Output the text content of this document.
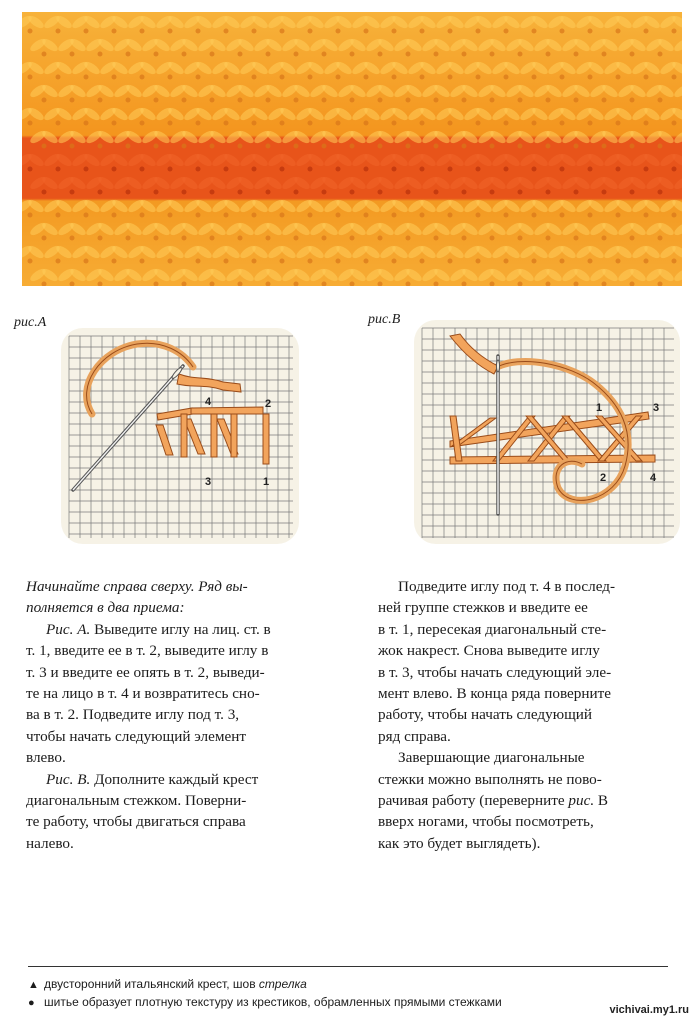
рис.А	рис.В
4	2
3	1
1	3
2	4

Начинайте справа сверху. Ряд вы-

полняется в два приема:

Рис. А. Выведите иглу на лиц. ст. в

т. 1, введите ее в т. 2, выведите иглу в

т. 3 и введите ее опять в т. 2, выведи-

те на лицо в т. 4 и возвратитесь сно-

ва в т. 2. Подведите иглу под т. 3,

чтобы начать следующий элемент

влево.

Рис. В. Дополните каждый крест

диагональным стежком. Поверни-

те работу, чтобы двигаться справа

налево.

Подведите иглу под т. 4 в послед-

ней группе стежков и введите ее

в т. 1, пересекая диагональный сте-

жок накрест. Снова выведите иглу

в т. 3, чтобы начать следующий эле-

мент влево. В конца ряда поверните

работу, чтобы начать следующий

ряд справа.

Завершающие диагональные

стежки можно выполнять не пово-

рачивая работу (переверните рис. В

вверх ногами, чтобы посмотреть,

как это будет выглядеть).

▲ двусторонний итальянский крест, шов стрелка
● шитье образует плотную текстуру из крестиков, обрамленных прямыми стежками
vichivai.my1.ru
